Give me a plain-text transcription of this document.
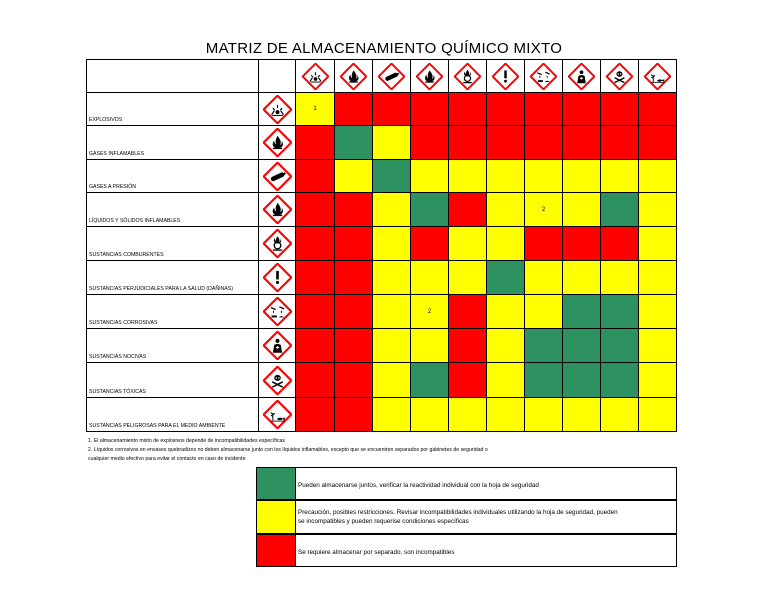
MATRIZ DE ALMACENAMIENTO QUÍMICO MIXTO
EXPLOSIVOS
1
GASES INFLAMABLES
GASES A PRESIÓN
LÍQUIDOS Y SÓLIDOS INFLAMABLES
2
SUSTANCIAS COMBURENTES
SUSTANCIAS PERJUDICIALES PARA LA SALUD (DAÑINAS)
SUSTANCIAS CORROSIVAS
2
SUSTANCIAS NOCIVAS
SUSTANCIAS TÓXICAS
SUSTANCIAS PELIGROSAS PARA EL MEDIO AMBIENTE
1. El almacenamiento mixto de explosivos depende de incompatibilidades específicas
2. Líquidos corrosivos en envases quebradizos no deben almacenarse junto con los líquidos inflamables, excepto que se encuentren separados por gabinetes de seguridad o
cualquier medio efectivo para evitar el contacto en caso de incidente
Pueden almacenarse juntos, verificar la reactividad individual con la hoja de seguridad
Precaución, posibles restricciones. Revisar incompatibilidades individuales utilizando la hoja de seguridad, pueden
se incompatibles y pueden requerise condiciones específicas
Se requiere almacenar por separado, son incompatibles
